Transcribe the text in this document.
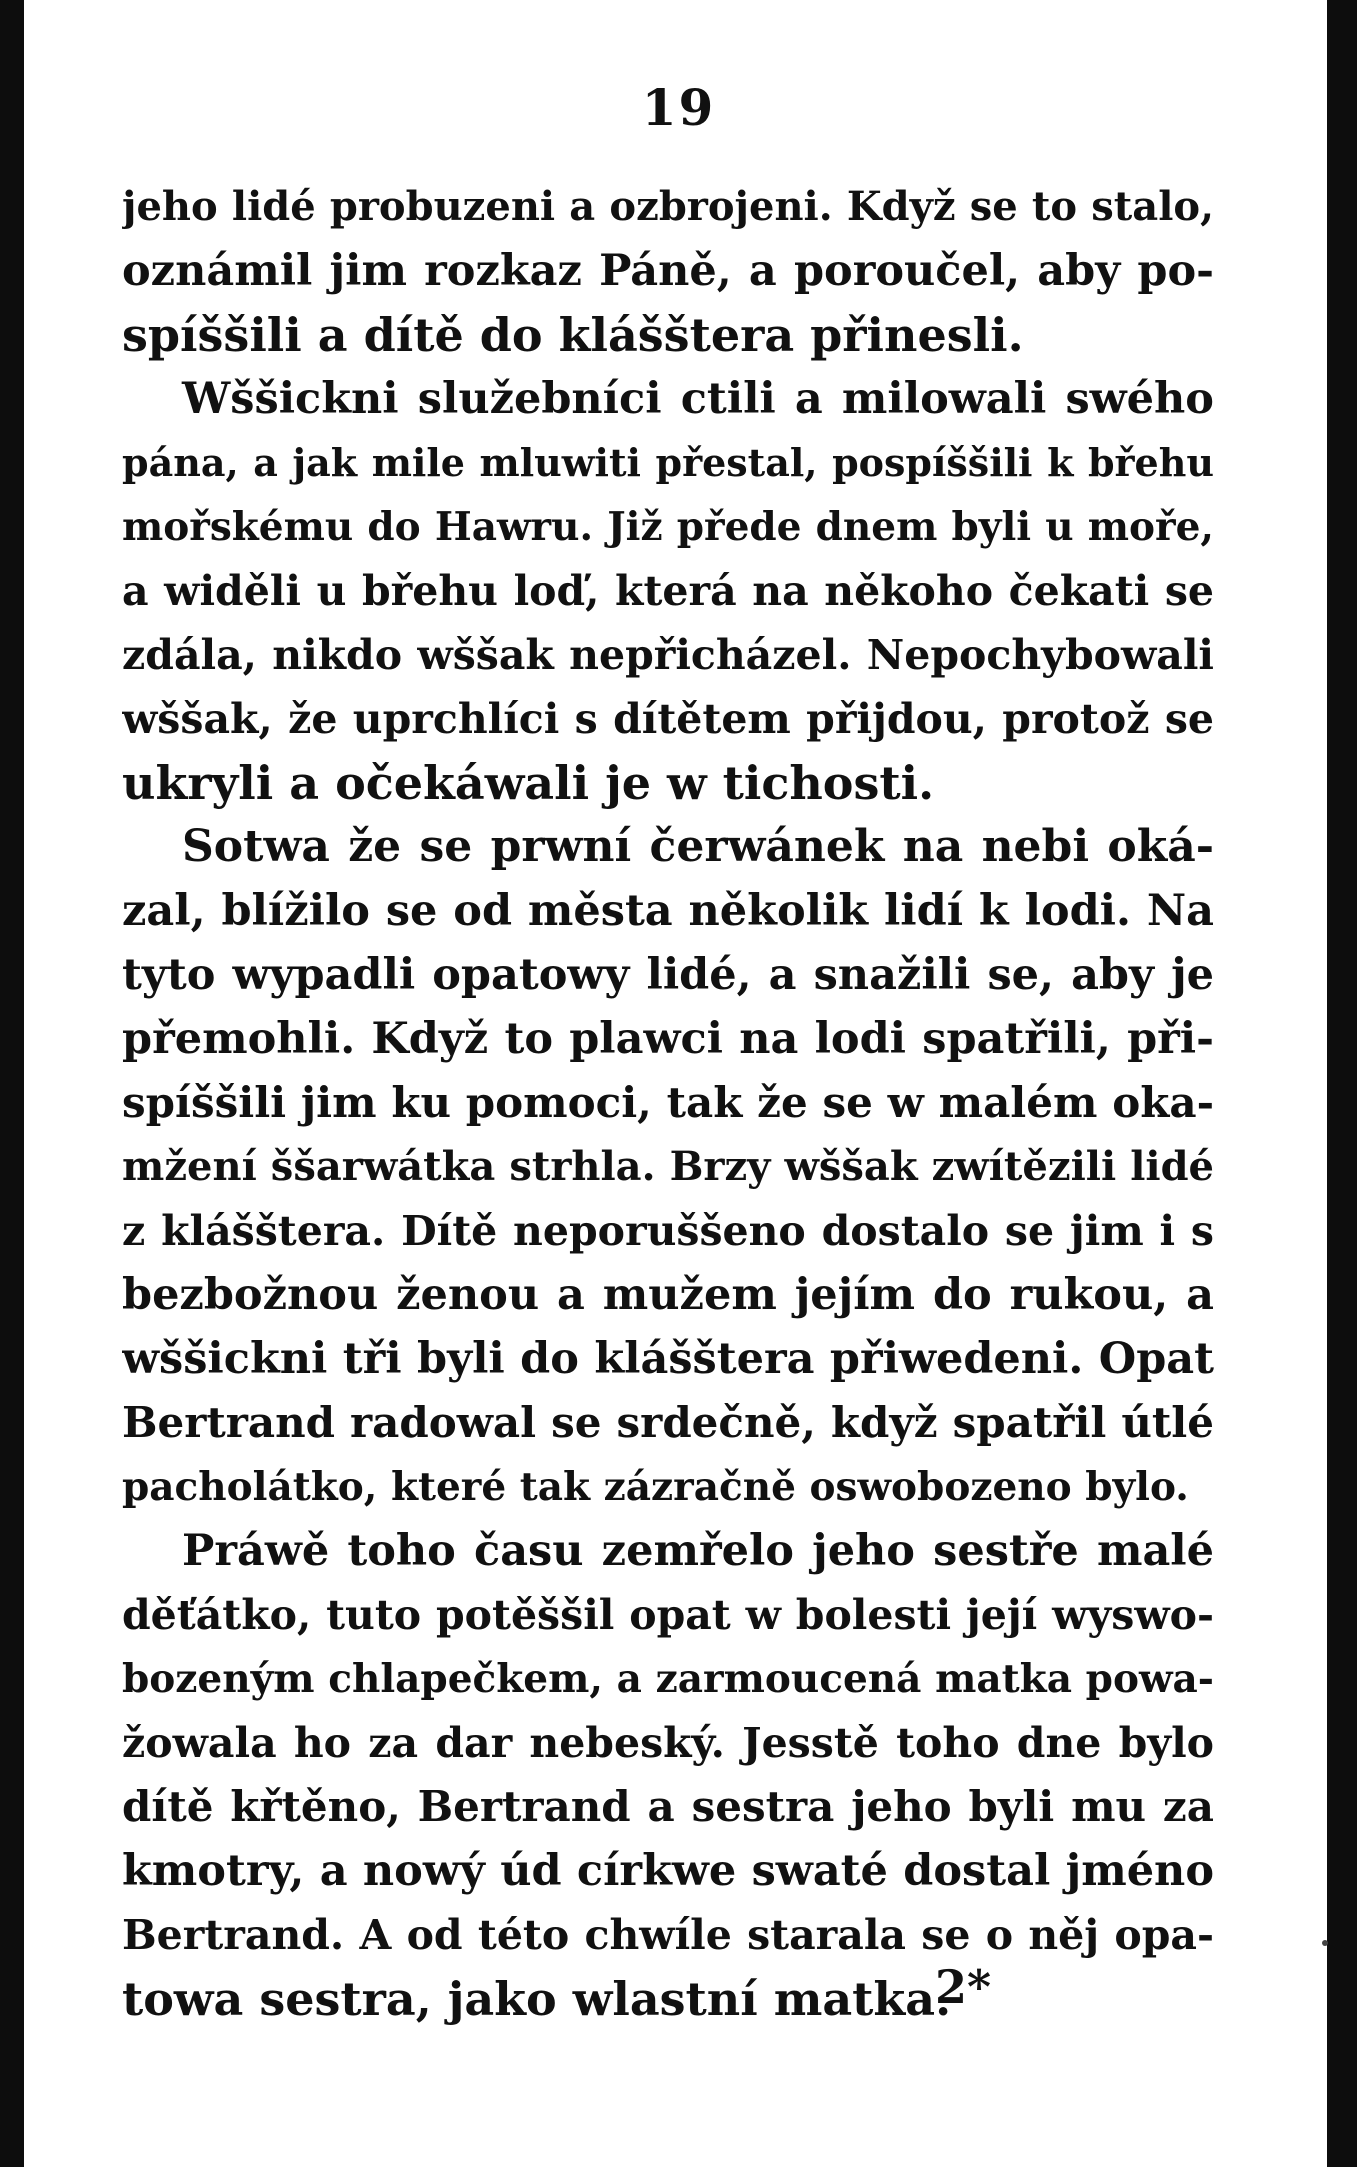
19
jeho lidé probuzeni a ozbrojeni. Když se to stalo,
oznámil jim rozkaz Páně, a poroučel, aby po-
spíššili a dítě do klášštera přinesli.
Wššickni služebníci ctili a milowali swého
pána, a jak mile mluwiti přestal, pospíššili k břehu
mořskému do Hawru. Již přede dnem byli u moře,
a widěli u břehu loď, která na někoho čekati se
zdála, nikdo wššak nepřicházel. Nepochybowali
wššak, že uprchlíci s dítětem přijdou, protož se
ukryli a očekáwali je w tichosti.
Sotwa že se prwní čerwánek na nebi oká-
zal, blížilo se od města několik lidí k lodi. Na
tyto wypadli opatowy lidé, a snažili se, aby je
přemohli. Když to plawci na lodi spatřili, při-
spíššili jim ku pomoci, tak že se w malém oka-
mžení ššarwátka strhla. Brzy wššak zwítězili lidé
z klášštera. Dítě neporuššeno dostalo se jim i s
bezbožnou ženou a mužem jejím do rukou, a
wššickni tři byli do klášštera přiwedeni. Opat
Bertrand radowal se srdečně, když spatřil útlé
pacholátko, které tak zázračně oswobozeno bylo.
Práwě toho času zemřelo jeho sestře malé
děťátko, tuto potěššil opat w bolesti její wyswo-
bozeným chlapečkem, a zarmoucená matka powa-
žowala ho za dar nebeský. Jesstě toho dne bylo
dítě křtěno, Bertrand a sestra jeho byli mu za
kmotry, a nowý úd církwe swaté dostal jméno
Bertrand. A od této chwíle starala se o něj opa-
towa sestra, jako wlastní matka.
2*
